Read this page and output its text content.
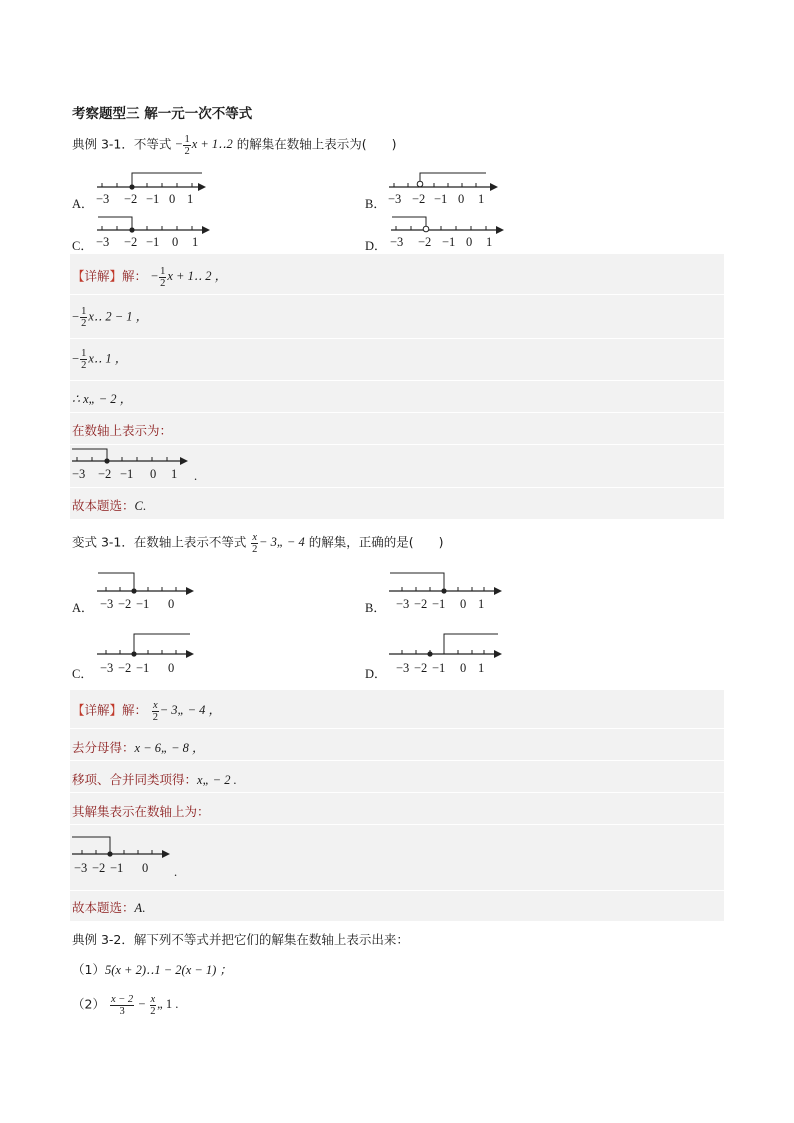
考察题型三 解一元一次不等式
典例 3-1．不等式 − $\frac{1}{2}$ x + 1‥2 的解集在数轴上表示为(　　)
A．	B．
C．	D．
−3 −2 −1 0 1	−3 −2 −1 0 1
−3 −2 −1 0 1	−3 −2 −1 0 1
【详解】解： − $\frac{1}{2}$ x + 1‥ 2 ，
− $\frac{1}{2}$ x‥ 2 − 1 ，
− $\frac{1}{2}$ x‥ 1 ，
∴ x„ − 2 ，
在数轴上表示为：
−3 −2 −1 0 1 .
故本题选：C.
变式 3-1．在数轴上表示不等式 $\frac{x}{2}$ − 3„ − 4 的解集，正确的是(　　)
A．	B．
C．	D．
−3 −2 −1 0	−3 −2 −1 0 1
−3 −2 −1 0	−3 −2 −1 0 1
【详解】解： $\frac{x}{2}$ − 3„ − 4 ，
去分母得：x − 6„ − 8 ，
移项、合并同类项得：x„ − 2 .
其解集表示在数轴上为：
−3 −2 −1 0 .
故本题选：A.
典例 3-2．解下列不等式并把它们的解集在数轴上表示出来：
（1）5(x + 2)‥1 − 2(x − 1) ；
$(2) \frac{x - 2}{3} - \frac{x}{2}$ „ 1 .
